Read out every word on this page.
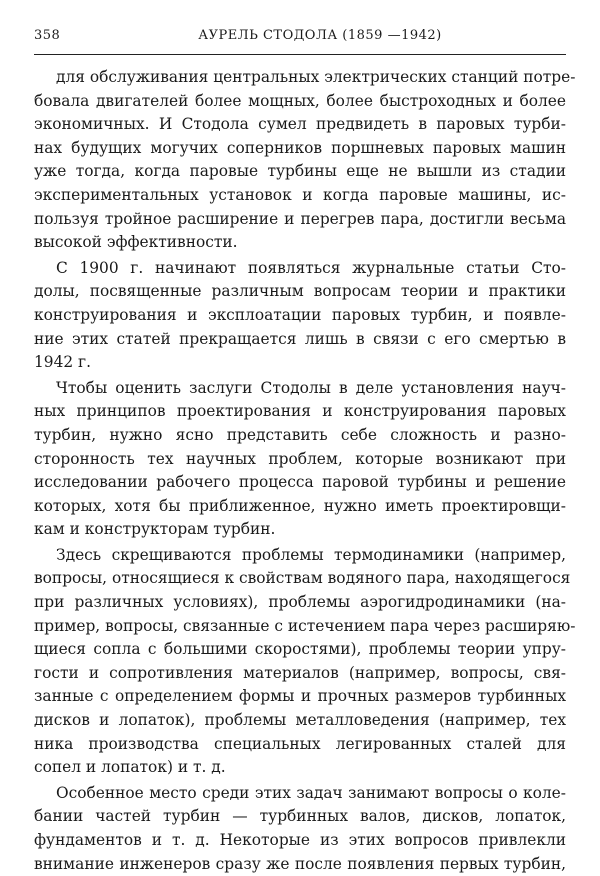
358	АУРЕЛЬ СТОДОЛА (1859 —1942)
для обслуживания центральных электрических станций потре-
бовала двигателей более мощных, более быстроходных и более
экономичных. И Стодола сумел предвидеть в паровых турби-
нах будущих могучих соперников поршневых паровых машин
уже тогда, когда паровые турбины еще не вышли из стадии
экспериментальных установок и когда паровые машины, ис-
пользуя тройное расширение и перегрев пара, достигли весьма
высокой эффективности.
С 1900 г. начинают появляться журнальные статьи Сто-
долы, посвященные различным вопросам теории и практики
конструирования и эксплоатации паровых турбин, и появле-
ние этих статей прекращается лишь в связи с его смертью в
1942 г.
Чтобы оценить заслуги Стодолы в деле установления науч-
ных принципов проектирования и конструирования паровых
турбин, нужно ясно представить себе сложность и разно-
сторонность тех научных проблем, которые возникают при
исследовании рабочего процесса паровой турбины и решение
которых, хотя бы приближенное, нужно иметь проектировщи-
кам и конструкторам турбин.
Здесь скрещиваются проблемы термодинамики (например,
вопросы, относящиеся к свойствам водяного пара, находящегося
при различных условиях), проблемы аэрогидродинамики (на-
пример, вопросы, связанные с истечением пара через расширяю-
щиеся сопла с большими скоростями), проблемы теории упру-
гости и сопротивления материалов (например, вопросы, свя-
занные с определением формы и прочных размеров турбинных
дисков и лопаток), проблемы металловедения (например, тех
ника производства специальных легированных сталей для
сопел и лопаток) и т. д.
Особенное место среди этих задач занимают вопросы о коле-
бании частей турбин — турбинных валов, дисков, лопаток,
фундаментов и т. д. Некоторые из этих вопросов привлекли
внимание инженеров сразу же после появления первых турбин,
